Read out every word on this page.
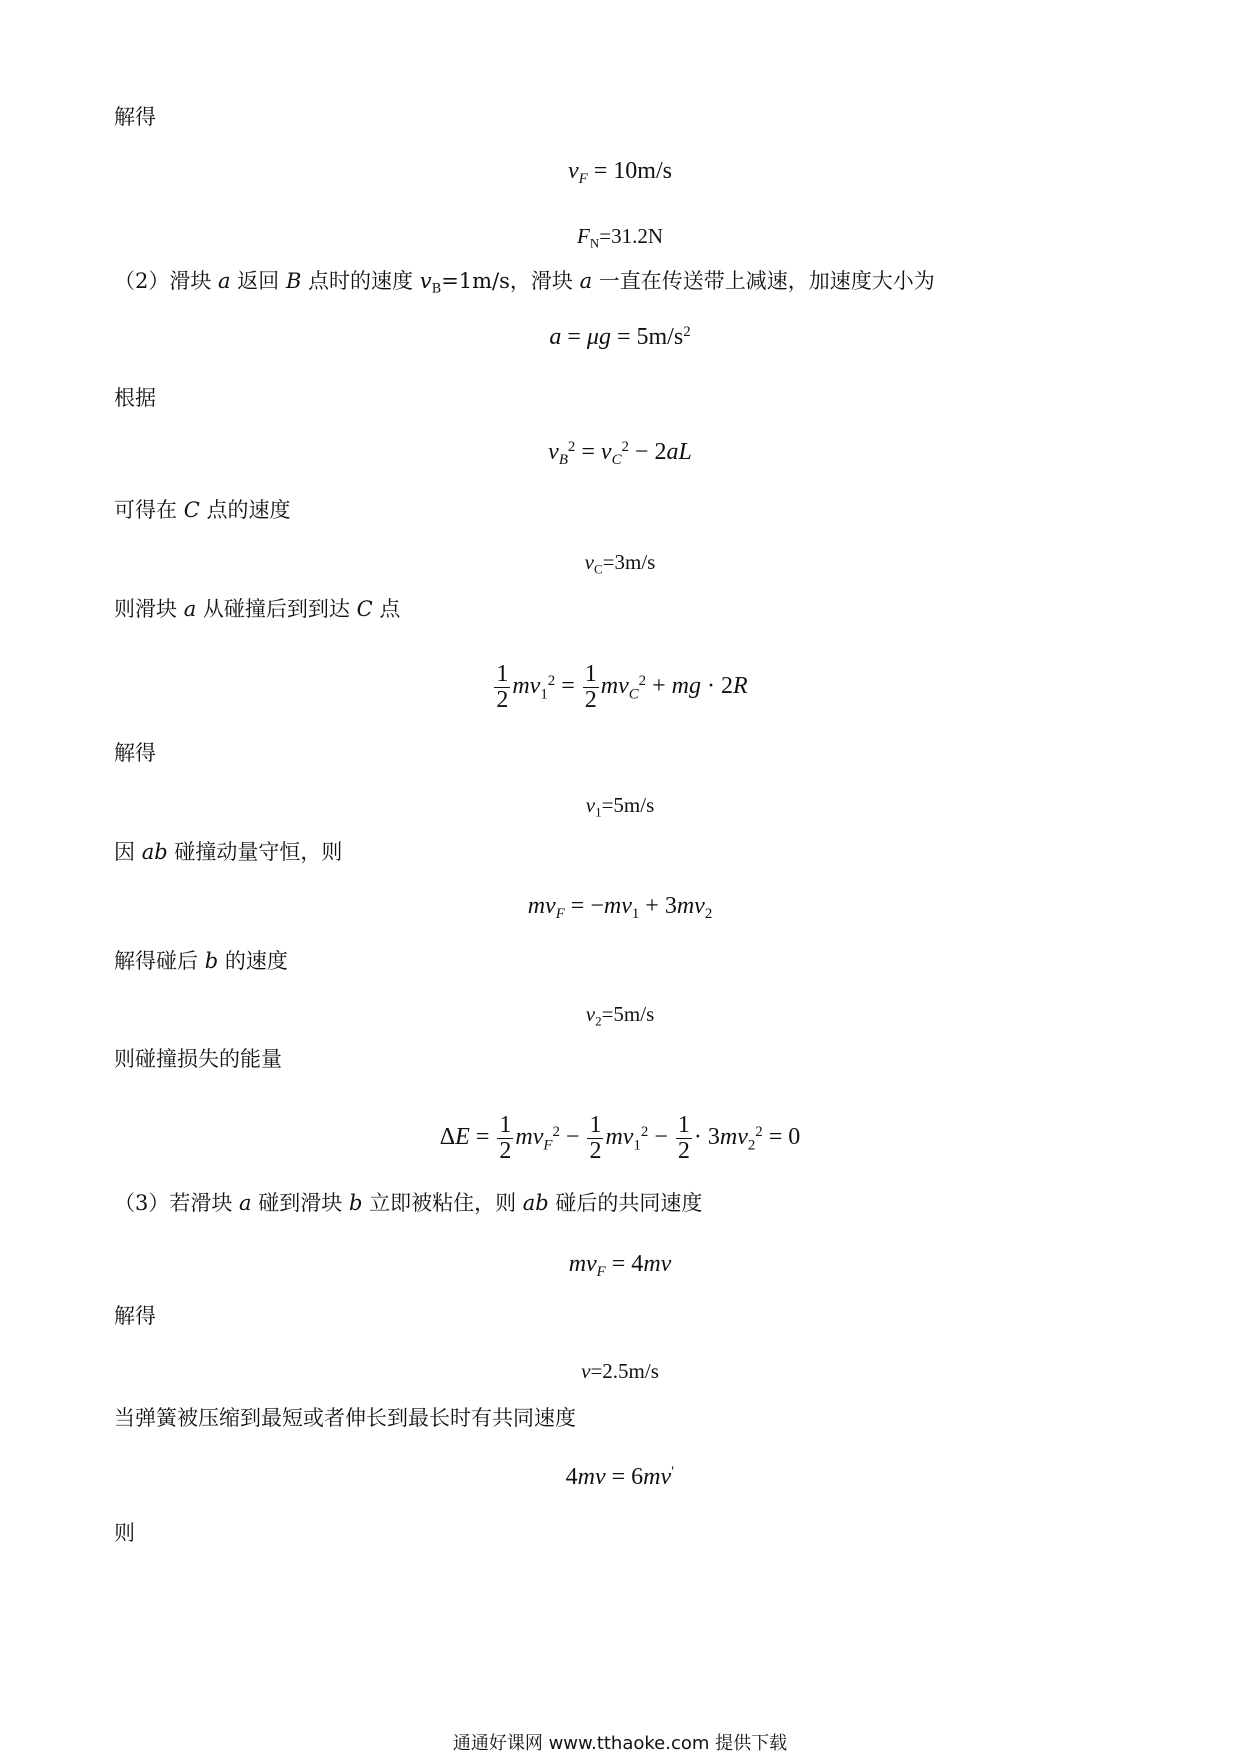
解得
$v_F = 10m/s$
$F_N=31.2N$
（2）滑块 a 返回 B 点时的速度 $v_B=1m/s$，滑块 a 一直在传送带上减速，加速度大小为
$a = \mu g = 5m/s^2$
根据
$v_B^2 = v_C^2 - 2aL$
可得在 C 点的速度
$v_C=3m/s$
则滑块 a 从碰撞后到到达 C 点
$\frac{1}{2} mv_1^2 = \frac{1}{2} mv_C^2$ + mg · 2R
解得
$v_1=5m/s$
因 ab 碰撞动量守恒，则
$mv_F = -mv_1 + 3mv_2$
解得碰后 b 的速度
$v_2=5m/s$
则碰撞损失的能量
$\Delta E = \frac{1}{2} mv_F^2 - \frac{1}{2} mv_1^2 - \frac{1}{2} \cdot 3mv_2^2 = 0$
（3）若滑块 a 碰到滑块 b 立即被粘住，则 ab 碰后的共同速度
$mv_F = 4mv$
解得
v=2.5m/s
当弹簧被压缩到最短或者伸长到最长时有共同速度
4mv = 6mv′
则
通通好课网 www.tthaoke.com 提供下载
